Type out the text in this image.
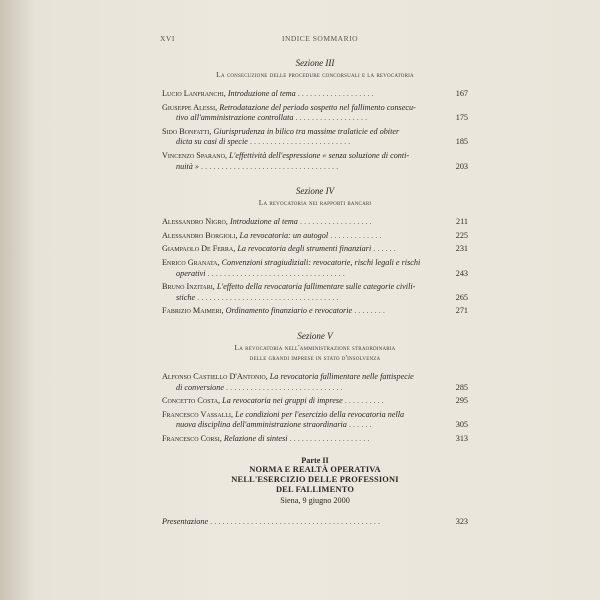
XVI	INDICE SOMMARIO
Sezione III
La consecuzione delle procedure concorsuali e la revocatoria
Lucio Lanfranchi, Introduzione al tema . . . . . . . . . . . . . . . . . . .	167
Giuseppe Alessi, Retrodatazione del periodo sospetto nel fallimento consecu-
tivo all'amministrazione controllata . . . . . . . . . . . . . . . . . .	175
Sido Bonfatti, Giurisprudenza in bilico tra massime tralaticie ed obiter
dicta su casi di specie . . . . . . . . . . . . . . . . . . . . . . . . .	185
Vincenzo Sparano, L'effettività dell'espressione « senza soluzione di conti-
nuità » . . . . . . . . . . . . . . . . . . . . . . . . . . . . . . . . . .	203
Sezione IV
La revocatoria nei rapporti bancari
Alessandro Nigro, Introduzione al tema . . . . . . . . . . . . . . . . . .	211
Alessandro Borgioli, La revocatoria: un autogol . . . . . . . . . . . . .	225
Giampaolo De Ferra, La revocatoria degli strumenti finanziari . . . . . .	231
Enrico Granata, Convenzioni stragiudiziali: revocatorie, rischi legali e rischi
operativi . . . . . . . . . . . . . . . . . . . . . . . . . . . . . . . . . .	243
Bruno Inzitari, L'effetto della revocatoria fallimentare sulle categorie civili-
stiche . . . . . . . . . . . . . . . . . . . . . . . . . . . . . . . . . . .	265
Fabrizio Maimeri, Ordinamento finanziario e revocatorie . . . . . . . .	271
Sezione V
La revocatoria nell'amministrazione straordinaria
delle grandi imprese in stato d'insolvenza
Alfonso Castiello D'Antonio, La revocatoria fallimentare nelle fattispecie
di conversione . . . . . . . . . . . . . . . . . . . . . . . . . . . . .	285
Concetto Costa, La revocatoria nei gruppi di imprese . . . . . . . . . .	295
Francesco Vassalli, Le condizioni per l'esercizio della revocatoria nella
nuova disciplina dell'amministrazione straordinaria . . . . . .	305
Francesco Corsi, Relazione di sintesi . . . . . . . . . . . . . . . . . . . .	313
Parte II
NORMA E REALTÀ OPERATIVA
NELL'ESERCIZIO DELLE PROFESSIONI
DEL FALLIMENTO
Siena, 9 giugno 2000
Presentazione . . . . . . . . . . . . . . . . . . . . . . . . . . . . . . . . . . . . . . . . . .	323
